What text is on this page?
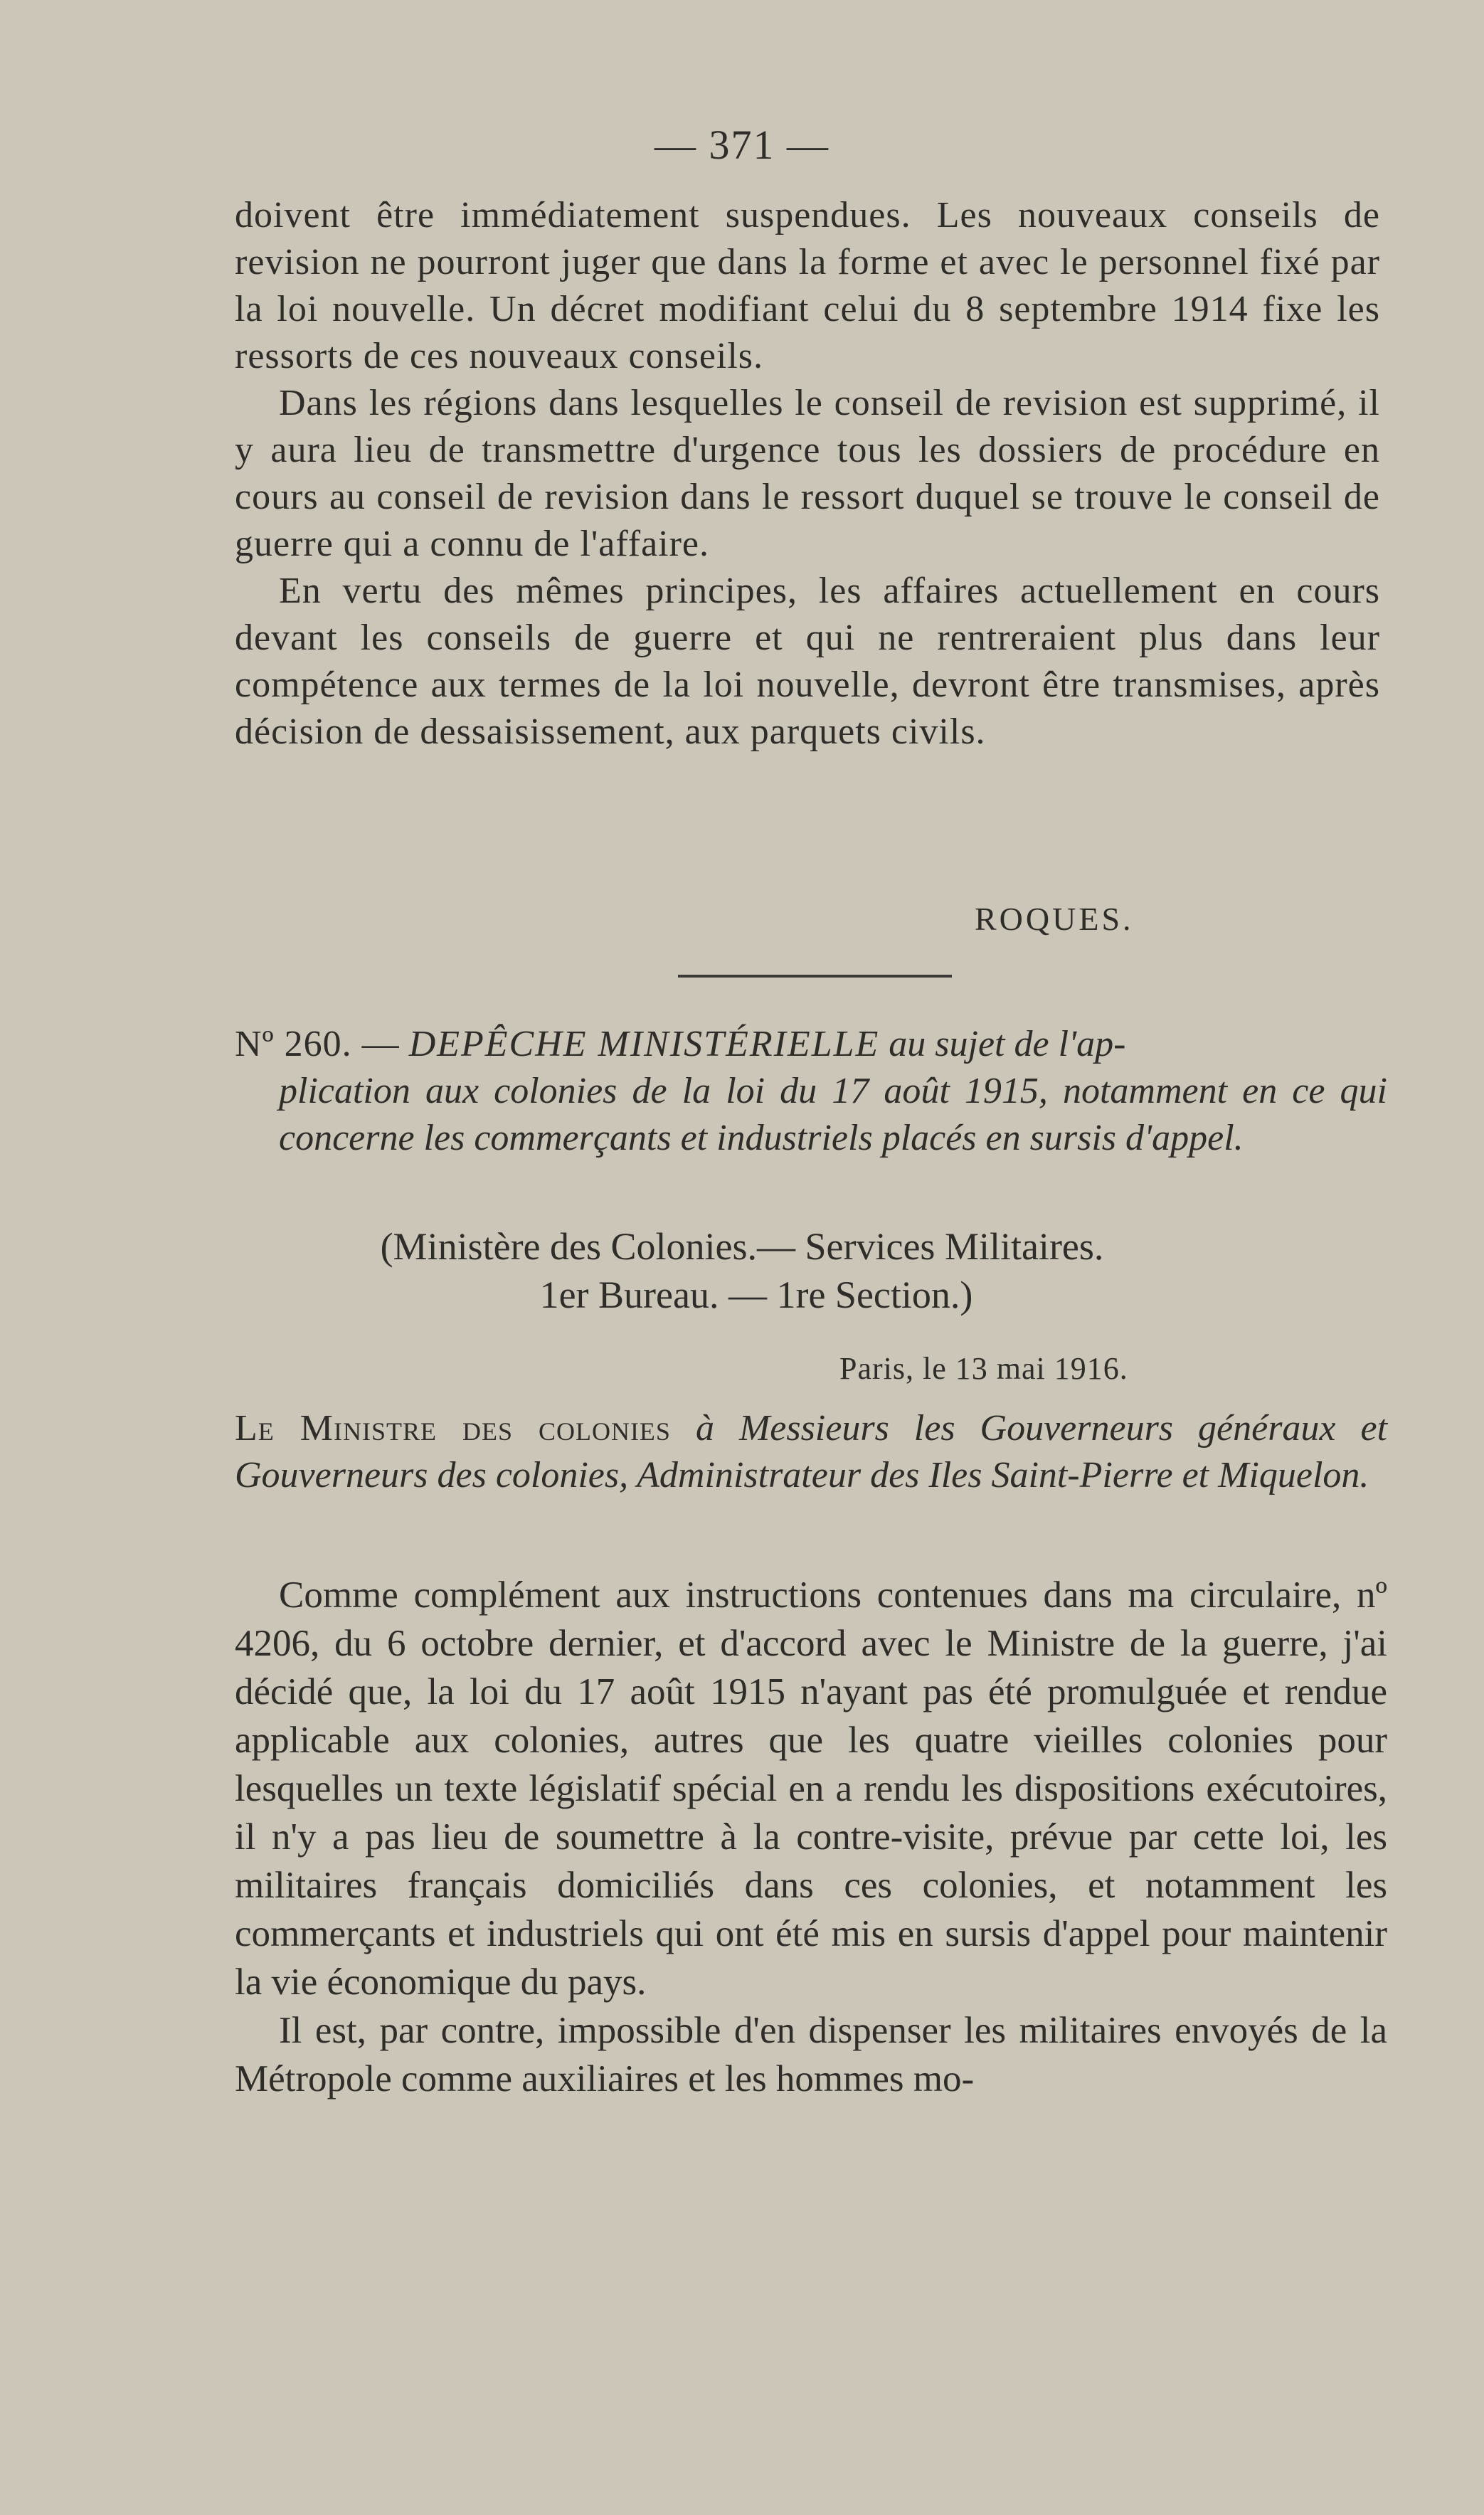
— 371 —

doivent être immédiatement suspendues. Les nouveaux conseils de revision ne pourront juger que dans la forme et avec le personnel fixé par la loi nouvelle. Un décret modifiant celui du 8 septembre 1914 fixe les ressorts de ces nouveaux conseils.

Dans les régions dans lesquelles le conseil de revision est supprimé, il y aura lieu de transmettre d'urgence tous les dossiers de procédure en cours au conseil de revision dans le ressort duquel se trouve le conseil de guerre qui a connu de l'affaire.

En vertu des mêmes principes, les affaires actuellement en cours devant les conseils de guerre et qui ne rentreraient plus dans leur compétence aux termes de la loi nouvelle, devront être transmises, après décision de dessaisissement, aux parquets civils.

ROQUES.
Nº 260. — DEPÊCHE MINISTÉRIELLE au sujet de l'ap-
plication aux colonies de la loi du 17 août 1915, notamment en ce qui concerne les commerçants et industriels placés en sursis d'appel.
(Ministère des Colonies.— Services Militaires.
1er Bureau. — 1re Section.)
Paris, le 13 mai 1916.
Le Ministre des colonies à Messieurs les Gouverneurs généraux et Gouverneurs des colonies, Administrateur des Iles Saint-Pierre et Miquelon.

Comme complément aux instructions contenues dans ma circulaire, nº 4206, du 6 octobre dernier, et d'accord avec le Ministre de la guerre, j'ai décidé que, la loi du 17 août 1915 n'ayant pas été promulguée et rendue applicable aux colonies, autres que les quatre vieilles colonies pour lesquelles un texte législatif spécial en a rendu les dispositions exécutoires, il n'y a pas lieu de soumettre à la contre-visite, prévue par cette loi, les militaires français domiciliés dans ces colonies, et notamment les commerçants et industriels qui ont été mis en sursis d'appel pour maintenir la vie économique du pays.

Il est, par contre, impossible d'en dispenser les militaires envoyés de la Métropole comme auxiliaires et les hommes mo-
